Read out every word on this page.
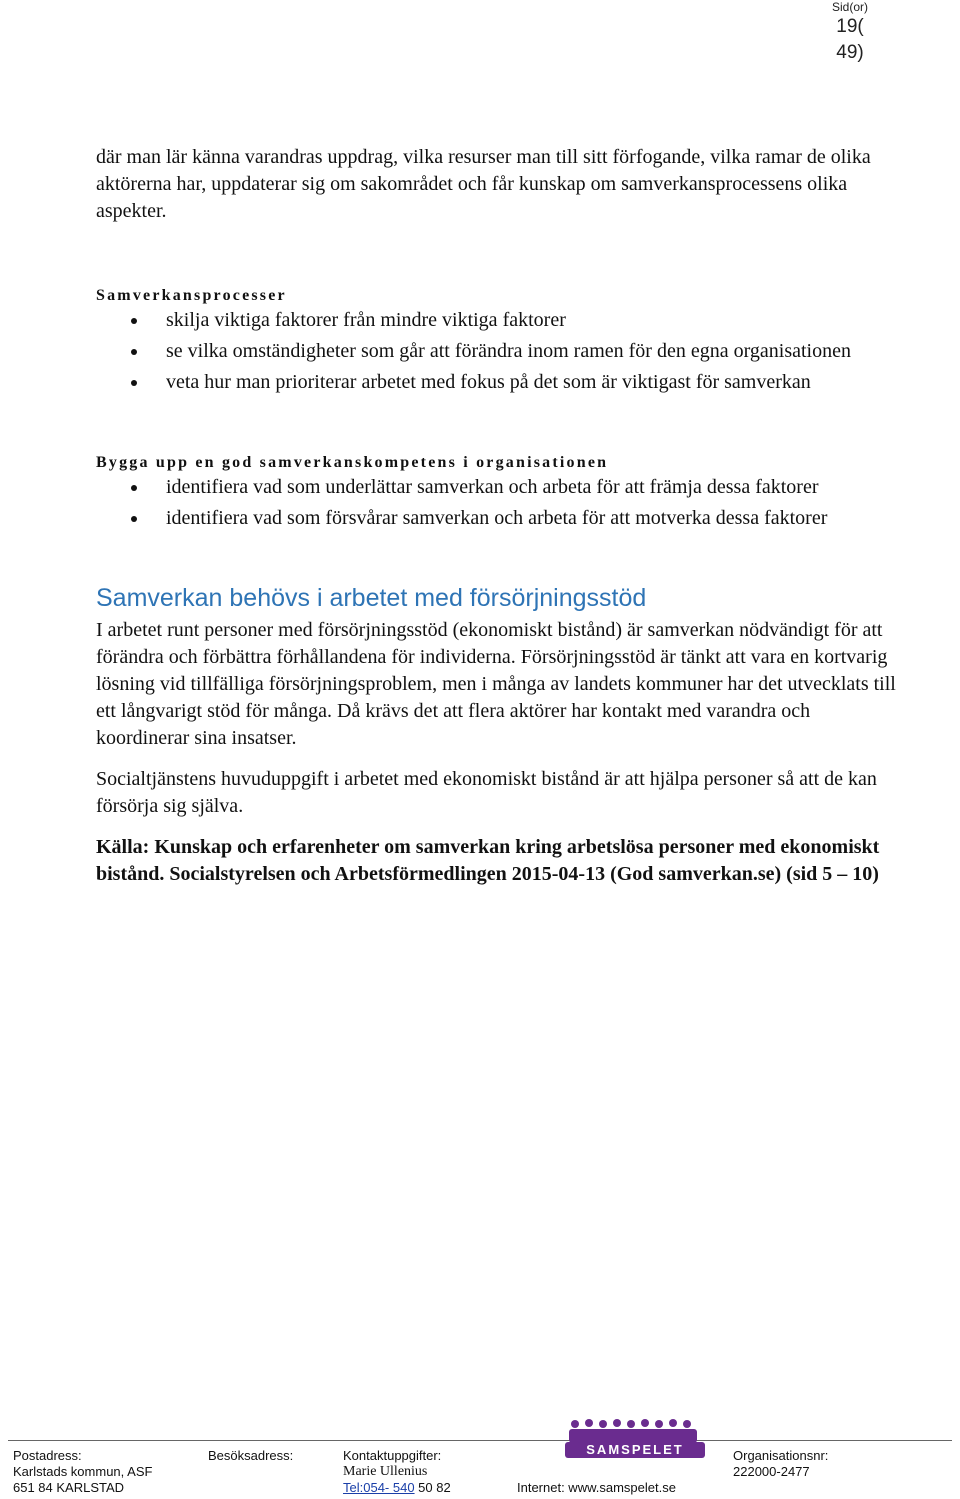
Sid(or)
19(
49)

där man lär känna varandras uppdrag, vilka resurser man till sitt förfogande, vilka ramar de olika aktörerna har, uppdaterar sig om sakområdet och får kunskap om samverkansprocessens olika aspekter.

Samverkansprocesser

skilja viktiga faktorer från mindre viktiga faktorer
se vilka omständigheter som går att förändra inom ramen för den egna organisationen
veta hur man prioriterar arbetet med fokus på det som är viktigast för samverkan

Bygga upp en god samverkanskompetens i organisationen

identifiera vad som underlättar samverkan och arbeta för att främja dessa faktorer
identifiera vad som försvårar samverkan och arbeta för att motverka dessa faktorer
Samverkan behövs i arbetet med försörjningsstöd

I arbetet runt personer med försörjningsstöd (ekonomiskt bistånd) är samverkan nödvändigt för att förändra och förbättra förhållandena för individerna. Försörjningsstöd är tänkt att vara en kortvarig lösning vid tillfälliga försörjningsproblem, men i många av landets kommuner har det utvecklats till ett långvarigt stöd för många. Då krävs det att flera aktörer har kontakt med varandra och koordinerar sina insatser.

Socialtjänstens huvuduppgift i arbetet med ekonomiskt bistånd är att hjälpa personer så att de kan försörja sig själva.

Källa: Kunskap och erfarenheter om samverkan kring arbetslösa personer med ekonomiskt bistånd. Socialstyrelsen och Arbetsförmedlingen 2015-04-13 (God samverkan.se) (sid 5 – 10)

SAMSPELET
Postadress:
Karlstads kommun, ASF
651 84 KARLSTAD
Besöksadress:	Kontaktuppgifter:
Marie Ullenius
Tel:054- 540 50 82	Internet: www.samspelet.se
Organisationsnr:
222000-2477
